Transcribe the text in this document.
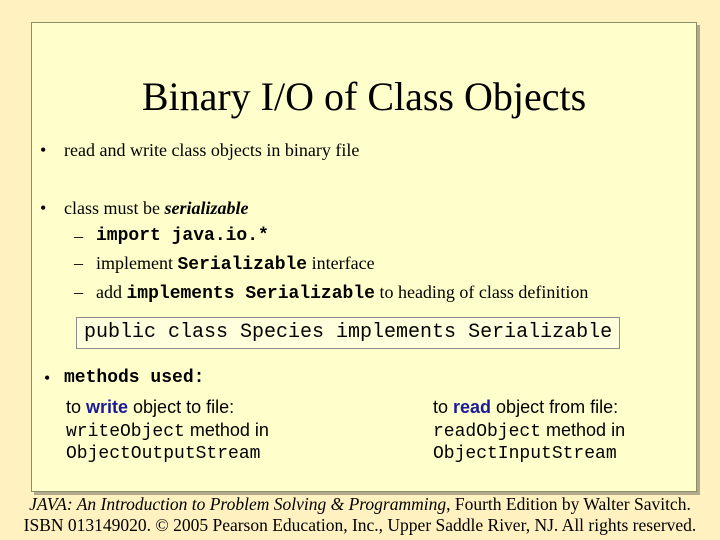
Binary I/O of Class Objects
• read and write class objects in binary file
• class must be serializable
– import java.io.*
– implement Serializable interface
– add implements Serializable to heading of class definition
public class Species implements Serializable
• methods used:
to write object to file:
writeObject method in
ObjectOutputStream
to read object from file:
readObject method in
ObjectInputStream
JAVA: An Introduction to Problem Solving & Programming, Fourth Edition by Walter Savitch.
ISBN 013149020. © 2005 Pearson Education, Inc., Upper Saddle River, NJ. All rights reserved.
